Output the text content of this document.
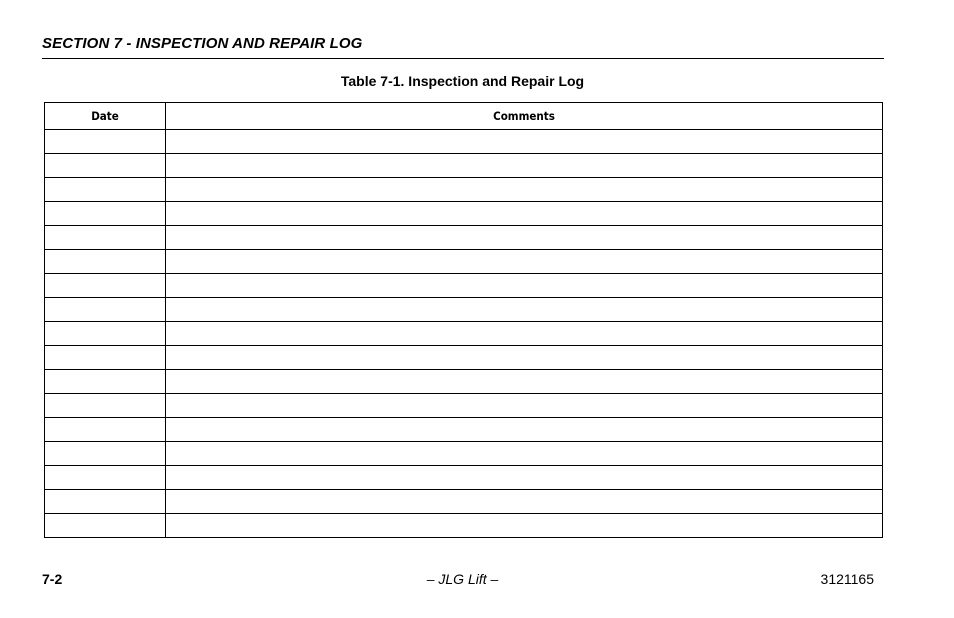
SECTION 7 - INSPECTION AND REPAIR LOG
Table 7-1. Inspection and Repair Log
Date	Comments

7-2	– JLG Lift –	3121165
